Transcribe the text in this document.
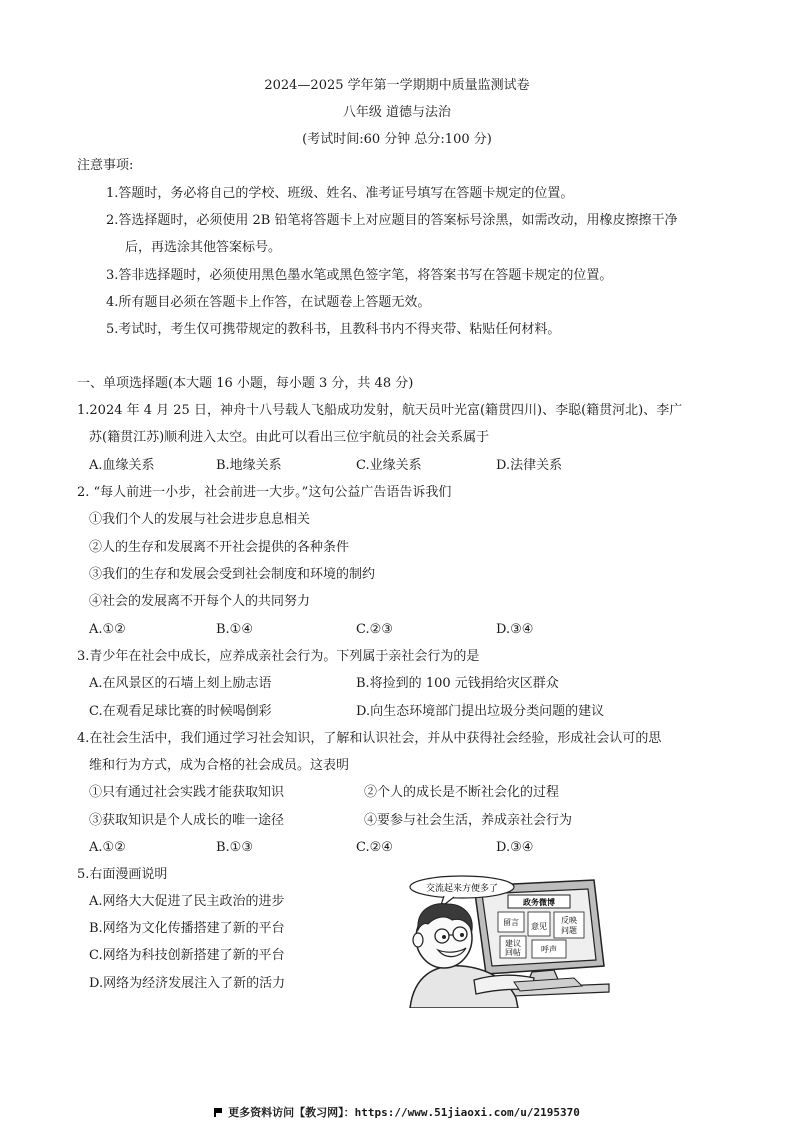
2024—2025 学年第一学期期中质量监测试卷
八年级 道德与法治
(考试时间:60 分钟 总分:100 分)
注意事项:
1.答题时，务必将自己的学校、班级、姓名、准考证号填写在答题卡规定的位置。
2.答选择题时，必须使用 2B 铅笔将答题卡上对应题目的答案标号涂黑，如需改动，用橡皮擦擦干净
后，再选涂其他答案标号。
3.答非选择题时，必须使用黑色墨水笔或黑色签字笔，将答案书写在答题卡规定的位置。
4.所有题目必须在答题卡上作答，在试题卷上答题无效。
5.考试时，考生仅可携带规定的教科书，且教科书内不得夹带、粘贴任何材料。
一、单项选择题(本大题 16 小题，每小题 3 分，共 48 分)
1.2024 年 4 月 25 日，神舟十八号载人飞船成功发射，航天员叶光富(籍贯四川)、李聪(籍贯河北)、李广
苏(籍贯江苏)顺利进入太空。由此可以看出三位宇航员的社会关系属于
A.血缘关系	B.地缘关系	C.业缘关系	D.法律关系
2. “每人前进一小步，社会前进一大步。”这句公益广告语告诉我们
①我们个人的发展与社会进步息息相关
②人的生存和发展离不开社会提供的各种条件
③我们的生存和发展会受到社会制度和环境的制约
④社会的发展离不开每个人的共同努力
A.①②	B.①④	C.②③	D.③④
3.青少年在社会中成长，应养成亲社会行为。下列属于亲社会行为的是
A.在风景区的石墙上刻上励志语	B.将捡到的 100 元钱捐给灾区群众
C.在观看足球比赛的时候喝倒彩	D.向生态环境部门提出垃圾分类问题的建议
4.在社会生活中，我们通过学习社会知识，了解和认识社会，并从中获得社会经验，形成社会认可的思
维和行为方式，成为合格的社会成员。这表明
①只有通过社会实践才能获取知识	②个人的成长是不断社会化的过程
③获取知识是个人成长的唯一途径	④要参与社会生活，养成亲社会行为
A.①②	B.①③	C.②④	D.③④
5.右面漫画说明
A.网络大大促进了民主政治的进步
B.网络为文化传播搭建了新的平台
C.网络为科技创新搭建了新的平台
D.网络为经济发展注入了新的活力
政务微博
留言	反映
问题
意见
建议
回帖	呼声
交流起来方便多了
更多资料访问【教习网】：https://www.51jiaoxi.com/u/2195370
